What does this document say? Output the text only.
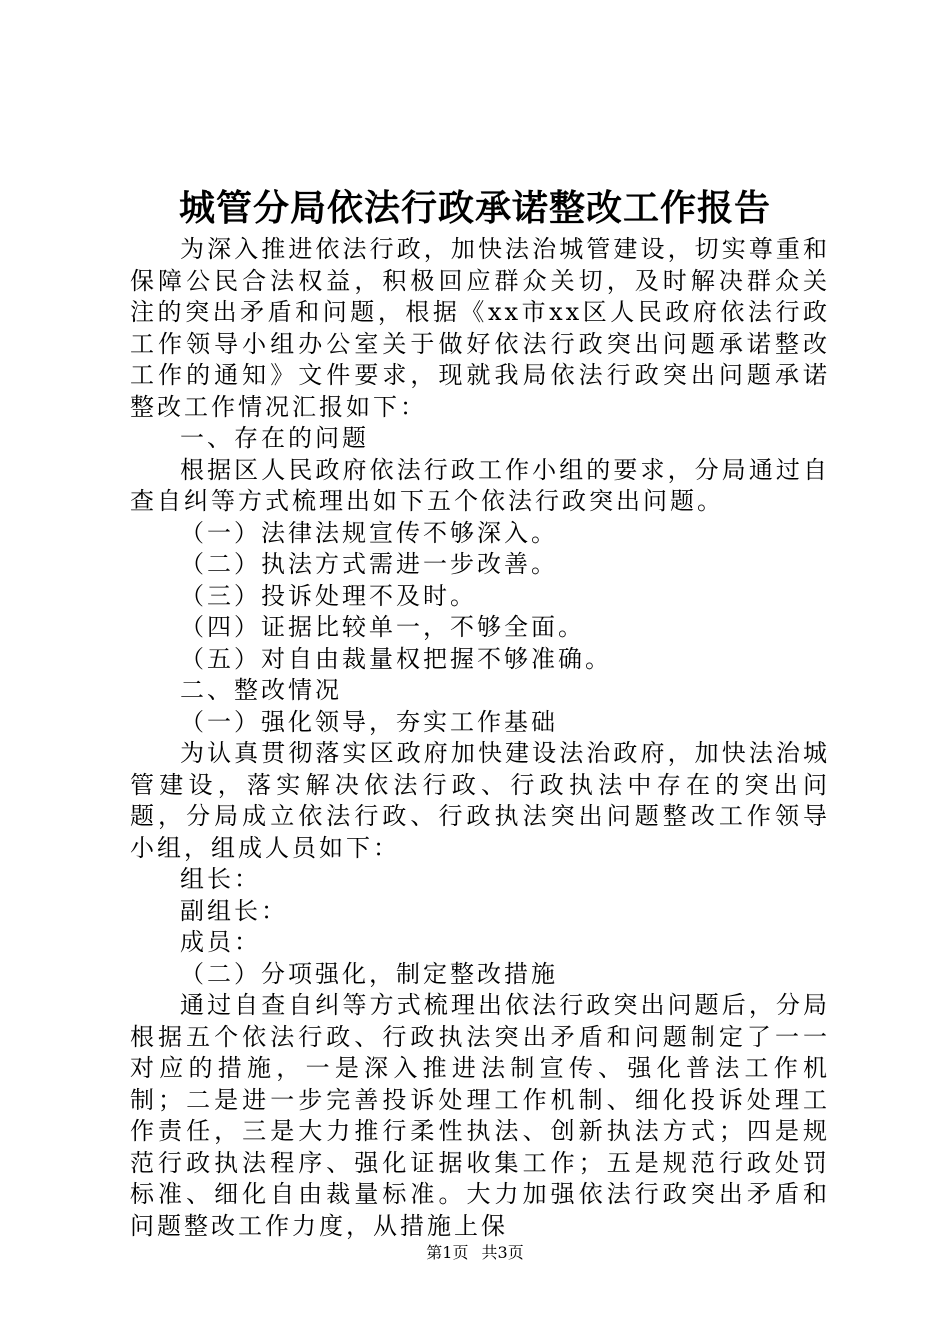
城管分局依法行政承诺整改工作报告

为深入推进依法行政，加快法治城管建设，切实尊重和保障公民合法权益，积极回应群众关切，及时解决群众关注的突出矛盾和问题，根据《xx市xx区人民政府依法行政工作领导小组办公室关于做好依法行政突出问题承诺整改工作的通知》文件要求，现就我局依法行政突出问题承诺整改工作情况汇报如下：

一、存在的问题

根据区人民政府依法行政工作小组的要求，分局通过自查自纠等方式梳理出如下五个依法行政突出问题。

（一）法律法规宣传不够深入。

（二）执法方式需进一步改善。

（三）投诉处理不及时。

（四）证据比较单一，不够全面。

（五）对自由裁量权把握不够准确。

二、整改情况

（一）强化领导，夯实工作基础

为认真贯彻落实区政府加快建设法治政府，加快法治城管建设，落实解决依法行政、行政执法中存在的突出问题，分局成立依法行政、行政执法突出问题整改工作领导小组，组成人员如下：

组长：

副组长：

成员：

（二）分项强化，制定整改措施

通过自查自纠等方式梳理出依法行政突出问题后，分局根据五个依法行政、行政执法突出矛盾和问题制定了一一对应的措施，一是深入推进法制宣传、强化普法工作机制；二是进一步完善投诉处理工作机制、细化投诉处理工作责任，三是大力推行柔性执法、创新执法方式；四是规范行政执法程序、强化证据收集工作；五是规范行政处罚标准、细化自由裁量标准。大力加强依法行政突出矛盾和问题整改工作力度，从措施上保

第1页 共3页
